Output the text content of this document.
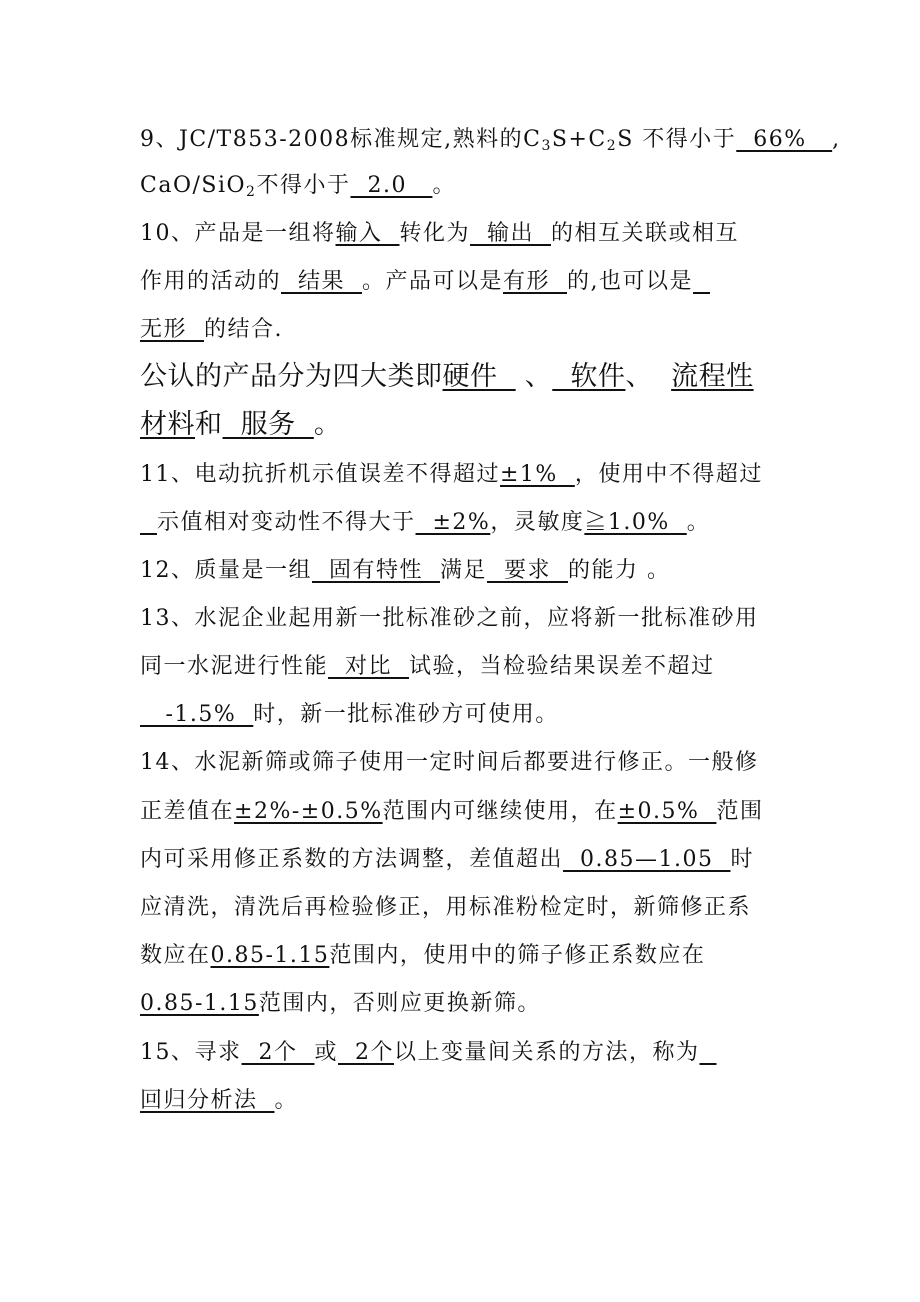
9、JC/T853-2008标准规定,熟料的$C_3S+C_2S$ 不得小于  66%   ,
CaO/SiO$_2$不得小于  2.0   。
10、产品是一组将输入  转化为  输出  的相互关联或相互
作用的活动的  结果  。产品可以是有形  的,也可以是
无形  的结合.
公认的产品分为四大类即硬件   、  软件、  流程性
材料和  服务  。
11、电动抗折机示值误差不得超过±1%  ，使用中不得超过
示值相对变动性不得大于  ±2%，灵敏度≧1.0%  。
12、质量是一组  固有特性  满足  要求  的能力 。
13、水泥企业起用新一批标准砂之前，应将新一批标准砂用
同一水泥进行性能  对比  试验，当检验结果误差不超过
-1.5%  时，新一批标准砂方可使用。
14、水泥新筛或筛子使用一定时间后都要进行修正。一般修
正差值在±2%-±0.5%范围内可继续使用，在±0.5%  范围
内可采用修正系数的方法调整，差值超出  0.85—1.05  时
应清洗，清洗后再检验修正，用标准粉检定时，新筛修正系
数应在0.85-1.15范围内，使用中的筛子修正系数应在
0.85-1.15范围内，否则应更换新筛。
15、寻求  2个  或  2个以上变量间关系的方法，称为
回归分析法  。
